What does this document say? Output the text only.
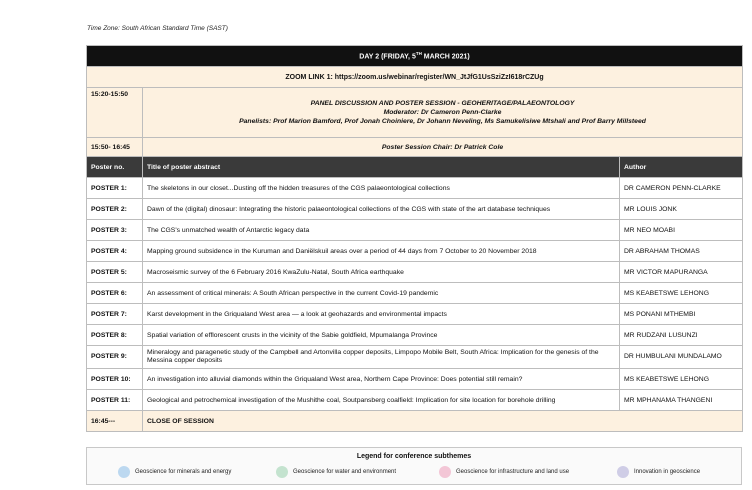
Time Zone: South African Standard Time (SAST)
DAY 2 (FRIDAY, 5TH MARCH 2021)		
ZOOM LINK 1: https://zoom.us/webinar/register/WN_JtJfG1UsSziZzI618rCZUg		
15:20-15:50	PANEL DISCUSSION AND POSTER SESSION - GEOHERITAGE/PALAEONTOLOGY
Moderator: Dr Cameron Penn-Clarke
Panelists: Prof Marion Bamford, Prof Jonah Choiniere, Dr Johann Neveling, Ms Samukelisiwe Mtshali and Prof Barry Millsteed	

15:50- 16:45	Poster Session Chair: Dr Patrick Cole	
Poster no.	Title of poster abstract	Author
POSTER 1:	The skeletons in our closet...Dusting off the hidden treasures of the CGS palaeontological collections	DR CAMERON PENN-CLARKE
POSTER 2:	Dawn of the (digital) dinosaur: Integrating the historic palaeontological collections of the CGS with state of the art database techniques	MR LOUIS JONK
POSTER 3:	The CGS's unmatched wealth of Antarctic legacy data	MR NEO MOABI
POSTER 4:	Mapping ground subsidence in the Kuruman and Daniëlskuil areas over a period of 44 days from 7 October to 20 November 2018	DR ABRAHAM THOMAS
POSTER 5:	Macroseismic survey of the 6 February 2016 KwaZulu-Natal, South Africa earthquake	MR VICTOR MAPURANGA
POSTER 6:	An assessment of critical minerals: A South African perspective in the current Covid-19 pandemic	MS KEABETSWE LEHONG
POSTER 7:	Karst development in the Griqualand West area — a look at geohazards and environmental impacts	MS PONANI MTHEMBI
POSTER 8:	Spatial variation of efflorescent crusts in the vicinity of the Sabie goldfield, Mpumalanga Province	MR RUDZANI LUSUNZI
POSTER 9:	Mineralogy and paragenetic study of the Campbell and Artonvilla copper deposits, Limpopo Mobile Belt, South Africa: Implication for the genesis of the Messina copper deposits	DR HUMBULANI MUNDALAMO
POSTER 10:	An investigation into alluvial diamonds within the Griqualand West area, Northern Cape Province: Does potential still remain?	MS KEABETSWE LEHONG
POSTER 11:	Geological and petrochemical investigation of the Mushithe coal, Soutpansberg coalfield: Implication for site location for borehole drilling	MR MPHANAMA THANGENI
16:45---	CLOSE OF SESSION	
Legend for conference subthemes
Geoscience for minerals and energy	Geoscience for water and environment	Geoscience for infrastructure and land use	Innovation in geoscience
